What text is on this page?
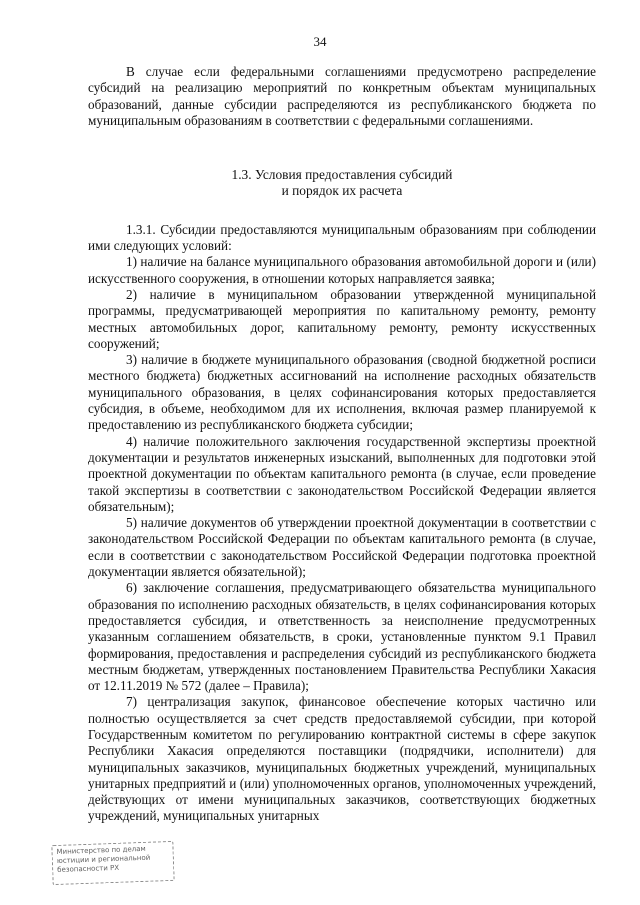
34

В случае если федеральными соглашениями предусмотрено распределение субсидий на реализацию мероприятий по конкретным объектам муниципальных образований, данные субсидии распределяются из республиканского бюджета по муниципальным образованиям в соответствии с федеральными соглашениями.

1.3. Условия предоставления субсидий
и порядок их расчета

1.3.1. Субсидии предоставляются муниципальным образованиям при соблюдении ими следующих условий:

1) наличие на балансе муниципального образования автомобильной дороги и (или) искусственного сооружения, в отношении которых направляется заявка;

2) наличие в муниципальном образовании утвержденной муниципальной программы, предусматривающей мероприятия по капитальному ремонту, ремонту местных автомобильных дорог, капитальному ремонту, ремонту искусственных сооружений;

3) наличие в бюджете муниципального образования (сводной бюджетной росписи местного бюджета) бюджетных ассигнований на исполнение расходных обязательств муниципального образования, в целях софинансирования которых предоставляется субсидия, в объеме, необходимом для их исполнения, включая размер планируемой к предоставлению из республиканского бюджета субсидии;

4) наличие положительного заключения государственной экспертизы проектной документации и результатов инженерных изысканий, выполненных для подготовки этой проектной документации по объектам капитального ремонта (в случае, если проведение такой экспертизы в соответствии с законодательством Российской Федерации является обязательным);

5) наличие документов об утверждении проектной документации в соответствии с законодательством Российской Федерации по объектам капитального ремонта (в случае, если в соответствии с законодательством Российской Федерации подготовка проектной документации является обязательной);

6) заключение соглашения, предусматривающего обязательства муниципального образования по исполнению расходных обязательств, в целях софинансирования которых предоставляется субсидия, и ответственность за неисполнение предусмотренных указанным соглашением обязательств, в сроки, установленные пунктом 9.1 Правил формирования, предоставления и распределения субсидий из республиканского бюджета местным бюджетам, утвержденных постановлением Правительства Республики Хакасия от 12.11.2019 № 572 (далее – Правила);

7) централизация закупок, финансовое обеспечение которых частично или полностью осуществляется за счет средств предоставляемой субсидии, при которой Государственным комитетом по регулированию контрактной системы в сфере закупок Республики Хакасия определяются поставщики (подрядчики, исполнители) для муниципальных заказчиков, муниципальных бюджетных учреждений, муниципальных унитарных предприятий и (или) уполномоченных органов, уполномоченных учреждений, действующих от имени муниципальных заказчиков, соответствующих бюджетных учреждений, муниципальных унитарных

Министерство по делам
юстиции и региональной
безопасности РХ
